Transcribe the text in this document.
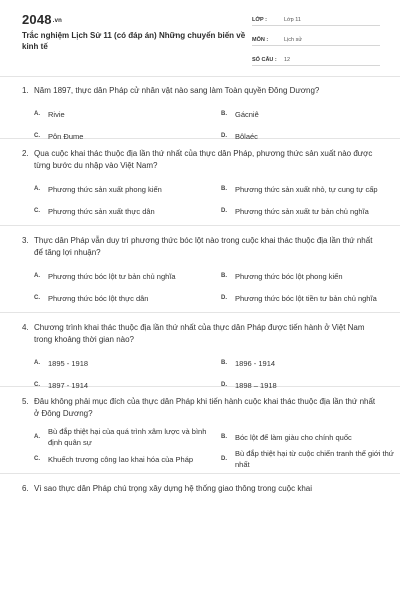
2048.vn
Trắc nghiệm Lịch Sử 11 (có đáp án) Những chuyển biến về kinh tế
LỚP :	Lớp 11
MÔN :	Lịch sử
SỐ CÂU :	12
1. Năm 1897, thực dân Pháp cử nhân vật nào sang làm Toàn quyền Đông Dương?
A.	Rivie	B.	Gácniê
C.	Pôn Đume	D.	Bôlaéc
2. Qua cuộc khai thác thuộc địa lần thứ nhất của thực dân Pháp, phương thức sản xuất nào được từng bước du nhập vào Việt Nam?
A.	Phương thức sản xuất phong kiến	B.	Phương thức sản xuất nhỏ, tự cung tự cấp
C.	Phương thức sản xuất thực dân	D.	Phương thức sản xuất tư bản chủ nghĩa
3. Thực dân Pháp vẫn duy trì phương thức bóc lột nào trong cuộc khai thác thuộc địa lần thứ nhất để tăng lợi nhuận?
A.	Phương thức bóc lột tư bản chủ nghĩa	B.	Phương thức bóc lột phong kiến
C.	Phương thức bóc lột thực dân	D.	Phương thức bóc lột tiền tư bản chủ nghĩa
4. Chương trình khai thác thuộc địa lần thứ nhất của thực dân Pháp được tiến hành ở Việt Nam trong khoảng thời gian nào?
A.	1895 - 1918	B.	1896 - 1914
C.	1897 - 1914	D.	1898 – 1918
5. Đâu không phải mục đích của thực dân Pháp khi tiến hành cuộc khai thác thuộc địa lần thứ nhất ở Đông Dương?
A.
Bù đắp thiệt hại của quá trình xâm lược và bình định quân sự
B.	Bóc lột để làm giàu cho chính quốc
C.	Khuếch trương công lao khai hóa của Pháp	D.
Bù đắp thiệt hại từ cuộc chiến tranh thế giới thứ nhất
6. Vì sao thực dân Pháp chú trọng xây dựng hệ thống giao thông trong cuộc khai
